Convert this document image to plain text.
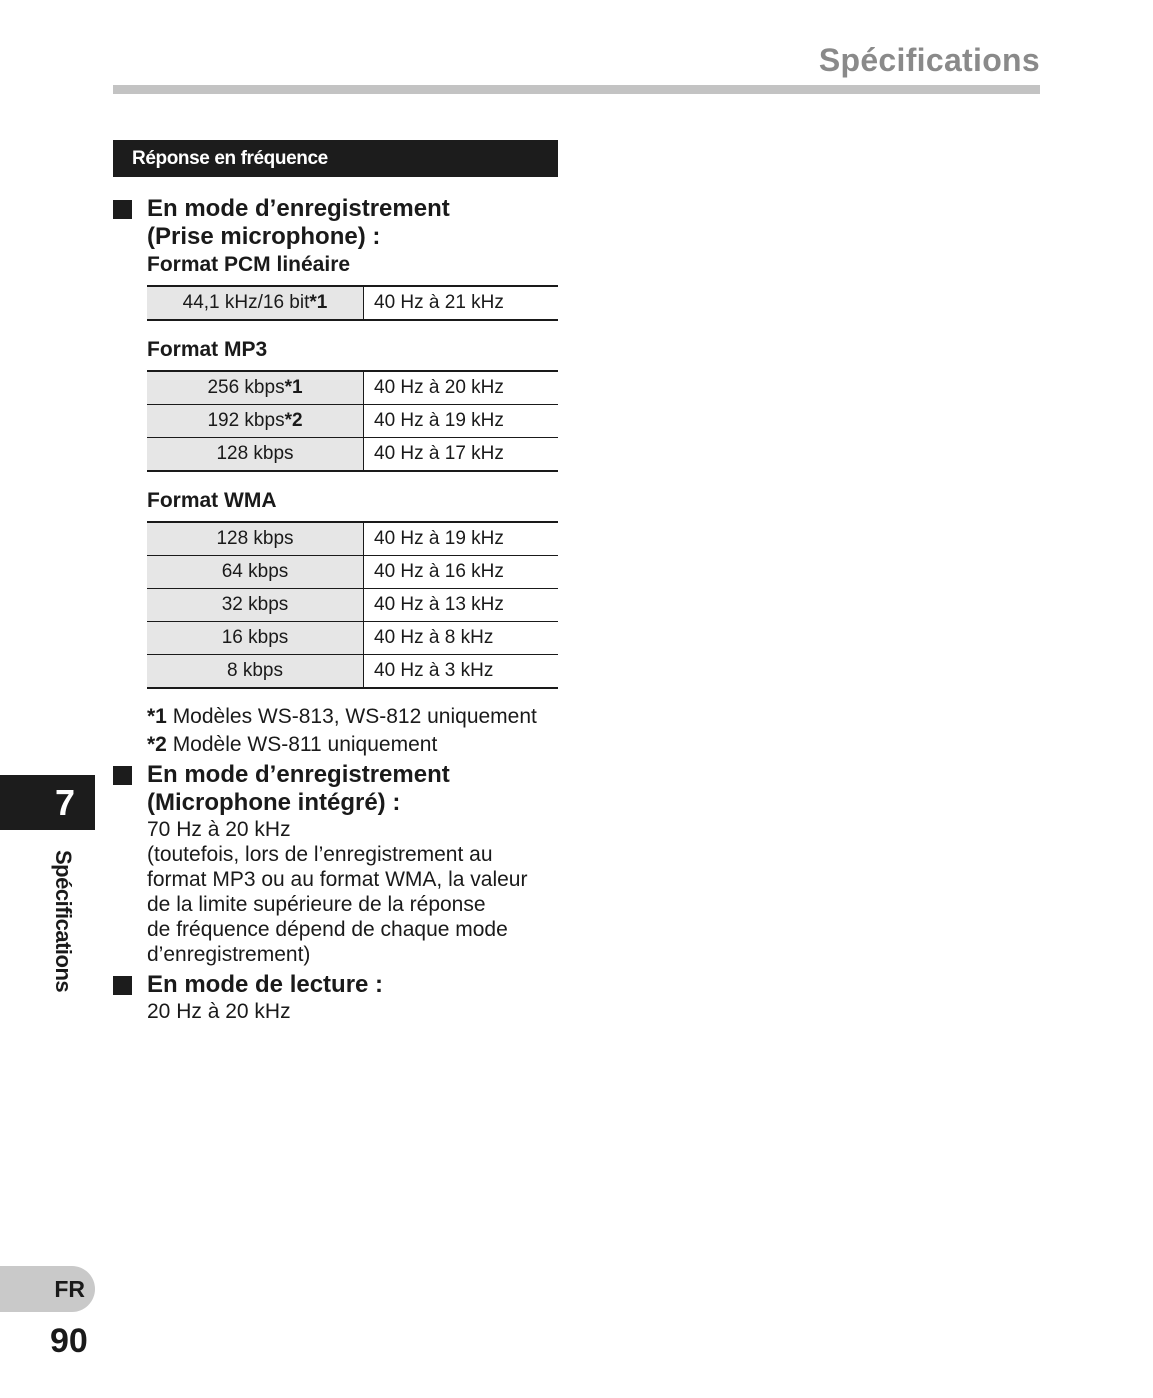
Spécifications
Réponse en fréquence
En mode d’enregistrement
(Prise microphone) :
Format PCM linéaire
44,1 kHz/16 bit*1	40 Hz à 21 kHz
Format MP3
256 kbps*1	40 Hz à 20 kHz
192 kbps*2	40 Hz à 19 kHz
128 kbps	40 Hz à 17 kHz
Format WMA
128 kbps	40 Hz à 19 kHz
64 kbps	40 Hz à 16 kHz
32 kbps	40 Hz à 13 kHz
16 kbps	40 Hz à 8 kHz
8 kbps	40 Hz à 3 kHz
*1 Modèles WS-813, WS-812 uniquement
*2 Modèle WS-811 uniquement
En mode d’enregistrement
(Microphone intégré) :
70 Hz à 20 kHz
(toutefois, lors de l’enregistrement au
format MP3 ou au format WMA, la valeur
de la limite supérieure de la réponse
de fréquence dépend de chaque mode
d’enregistrement)
En mode de lecture :
20 Hz à 20 kHz
7
Spécifications
FR
90
